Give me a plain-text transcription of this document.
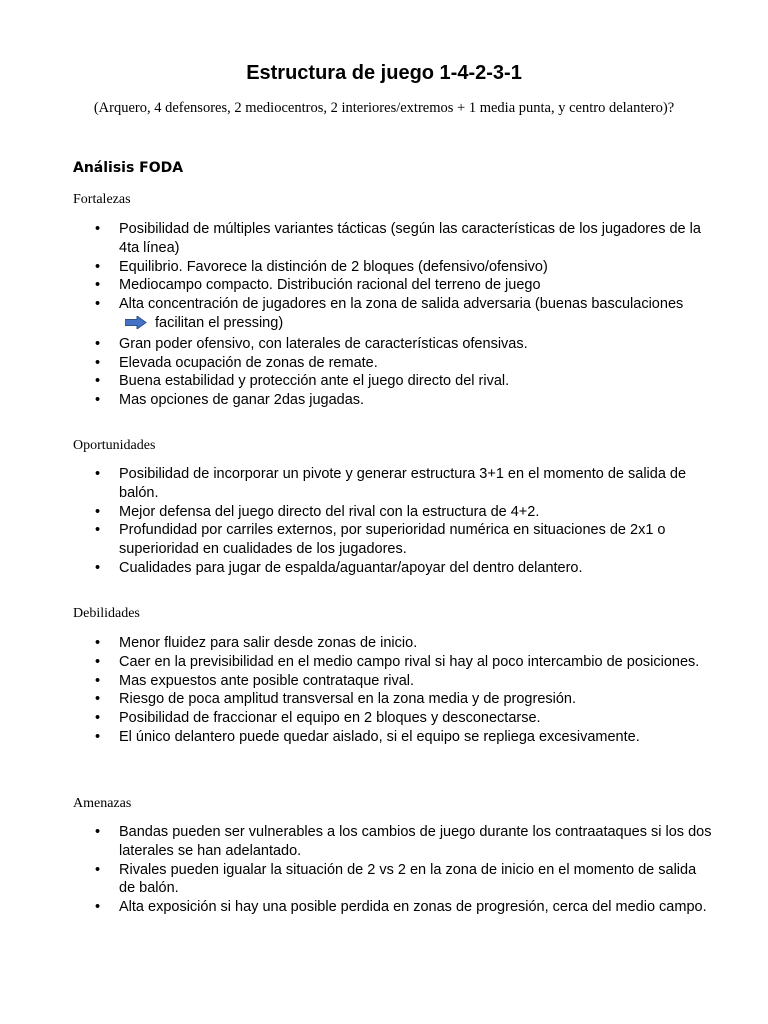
Estructura de juego 1-4-2-3-1
(Arquero, 4 defensores, 2 mediocentros, 2 interiores/extremos + 1 media punta, y centro delantero)?
Análisis FODA
Fortalezas
• Posibilidad de múltiples variantes tácticas (según las características de los jugadores de la 4ta línea)
• Equilibrio. Favorece la distinción de 2 bloques (defensivo/ofensivo)
• Mediocampo compacto. Distribución racional del terreno de juego
• Alta concentración de jugadores en la zona de salida adversaria (buenas basculacionesfacilitan el pressing)
• Gran poder ofensivo, con laterales de características ofensivas.
• Elevada ocupación de zonas de remate.
• Buena estabilidad y protección ante el juego directo del rival.
• Mas opciones de ganar 2das jugadas.
Oportunidades
• Posibilidad de incorporar un pivote y generar estructura 3+1 en el momento de salida de balón.
• Mejor defensa del juego directo del rival con la estructura de 4+2.
• Profundidad por carriles externos, por superioridad numérica en situaciones de 2x1 o superioridad en cualidades de los jugadores.
• Cualidades para jugar de espalda/aguantar/apoyar del dentro delantero.
Debilidades
• Menor fluidez para salir desde zonas de inicio.
• Caer en la previsibilidad en el medio campo rival si hay al poco intercambio de posiciones.
• Mas expuestos ante posible contrataque rival.
• Riesgo de poca amplitud transversal en la zona media y de progresión.
• Posibilidad de fraccionar el equipo en 2 bloques y desconectarse.
• El único delantero puede quedar aislado, si el equipo se repliega excesivamente.
Amenazas
• Bandas pueden ser vulnerables a los cambios de juego durante los contraataques si los dos laterales se han adelantado.
• Rivales pueden igualar la situación de 2 vs 2 en la zona de inicio en el momento de salida de balón.
• Alta exposición si hay una posible perdida en zonas de progresión, cerca del medio campo.
